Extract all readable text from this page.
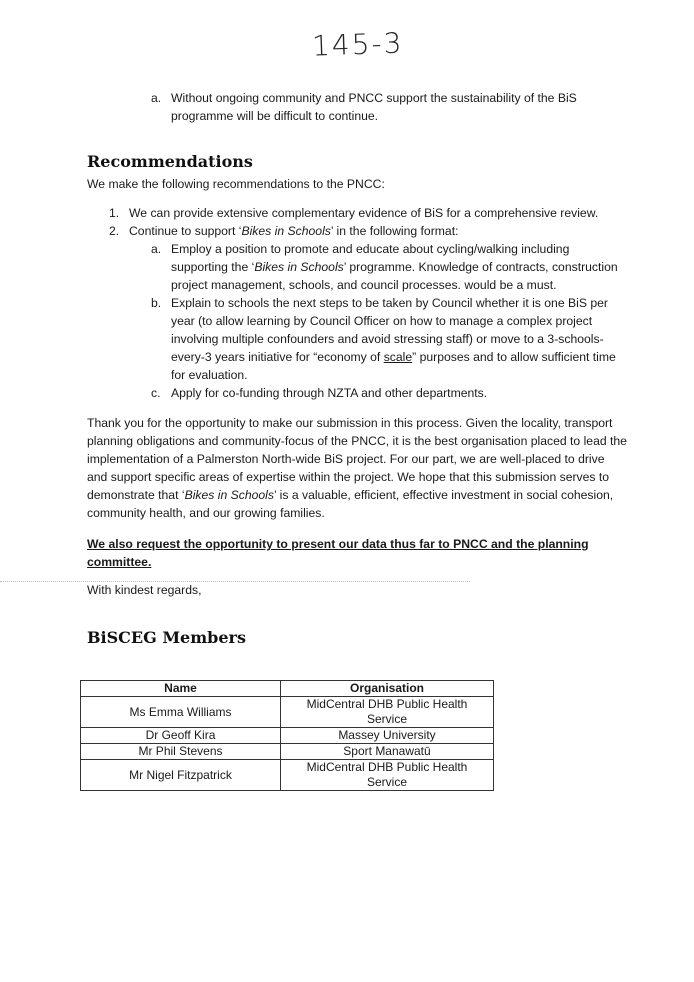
145-3
a. Without ongoing community and PNCC support the sustainability of the BiS
programme will be difficult to continue.
Recommendations
We make the following recommendations to the PNCC:
1. We can provide extensive complementary evidence of BiS for a comprehensive review.
2. Continue to support ‘Bikes in Schools’ in the following format:
a. Employ a position to promote and educate about cycling/walking including
supporting the ‘Bikes in Schools’ programme. Knowledge of contracts, construction
project management, schools, and council processes. would be a must.
b. Explain to schools the next steps to be taken by Council whether it is one BiS per
year (to allow learning by Council Officer on how to manage a complex project
involving multiple confounders and avoid stressing staff) or move to a 3-schools-
every-3 years initiative for “economy of scale” purposes and to allow sufficient time
for evaluation.
c. Apply for co-funding through NZTA and other departments.
Thank you for the opportunity to make our submission in this process. Given the locality, transport
planning obligations and community-focus of the PNCC, it is the best organisation placed to lead the
implementation of a Palmerston North-wide BiS project. For our part, we are well-placed to drive
and support specific areas of expertise within the project. We hope that this submission serves to
demonstrate that ‘Bikes in Schools’ is a valuable, efficient, effective investment in social cohesion,
community health, and our growing families.
We also request the opportunity to present our data thus far to PNCC and the planning
committee.
With kindest regards,
BiSCEG Members
Name	Organisation
Ms Emma Williams	MidCentral DHB Public Health Service
Dr Geoff Kira	Massey University
Mr Phil Stevens	Sport Manawatū
Mr Nigel Fitzpatrick	MidCentral DHB Public Health Service
